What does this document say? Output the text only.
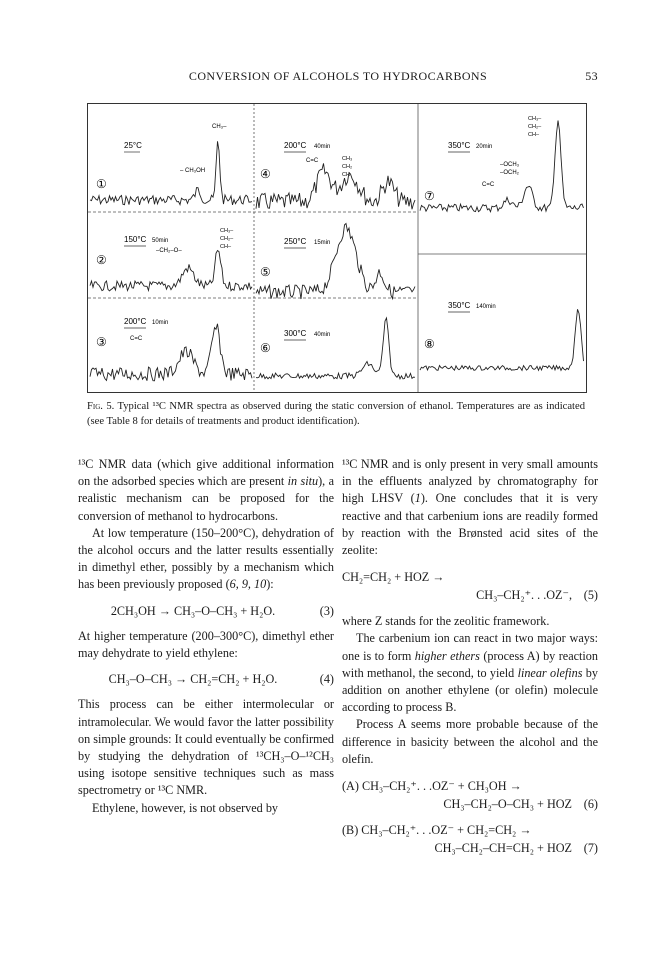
CONVERSION OF ALCOHOLS TO HYDROCARBONS	53
25°C
①
CH₃–
– CH₃OH
200°C 40min
④
C=C	CH₃
CH₂
CH
350°C 20min
⑦
–OCH₃
–OCH₂
C=C
CH₃–
CH₂–
CH–
150°C 50min
②
–CH₂–O–
CH₃–
CH₂–
CH–
250°C 15min
⑤
350°C 140min
⑧
200°C 10min
③	C=C
300°C 40min
⑥
Fig. 5. Typical ¹³C NMR spectra as observed during the static conversion of ethanol. Temperatures are as indicated (see Table 8 for details of treatments and product identification).

¹³C NMR data (which give additional information on the adsorbed species which are present in situ), a realistic mechanism can be proposed for the conversion of methanol to hydrocarbons.

At low temperature (150–200°C), dehydration of the alcohol occurs and the latter results essentially in dimethyl ether, possibly by a mechanism which has been previously proposed (6, 9, 10):

2CH₃OH → CH₃–O–CH₃ + H₂O.	(3)

At higher temperature (200–300°C), dimethyl ether may dehydrate to yield ethylene:

CH₃–O–CH₃ → CH₂=CH₂ + H₂O.	(4)

This process can be either intermolecular or intramolecular. We would favor the latter possibility on simple grounds: It could eventually be confirmed by studying the dehydration of ¹³CH₃–O–¹²CH₃ using isotope sensitive techniques such as mass spectrometry or ¹³C NMR.

Ethylene, however, is not observed by

¹³C NMR and is only present in very small amounts in the effluents analyzed by chromatography for high LHSV (1). One concludes that it is very reactive and that carbenium ions are readily formed by reaction with the Brønsted acid sites of the zeolite:

CH₂=CH₂ + HOZ →
CH₃–CH₂⁺. . .OZ⁻, (5)

where Z stands for the zeolitic framework.

The carbenium ion can react in two major ways: one is to form higher ethers (process A) by reaction with methanol, the second, to yield linear olefins by addition on another ethylene (or olefin) molecule according to process B.

Process A seems more probable because of the difference in basicity between the alcohol and the olefin.

(A) CH₃–CH₂⁺. . .OZ⁻ + CH₃OH →
CH₃–CH₂–O–CH₃ + HOZ (6)
(B) CH₃–CH₂⁺. . .OZ⁻ + CH₂=CH₂ →
CH₃–CH₂–CH=CH₂ + HOZ (7)
